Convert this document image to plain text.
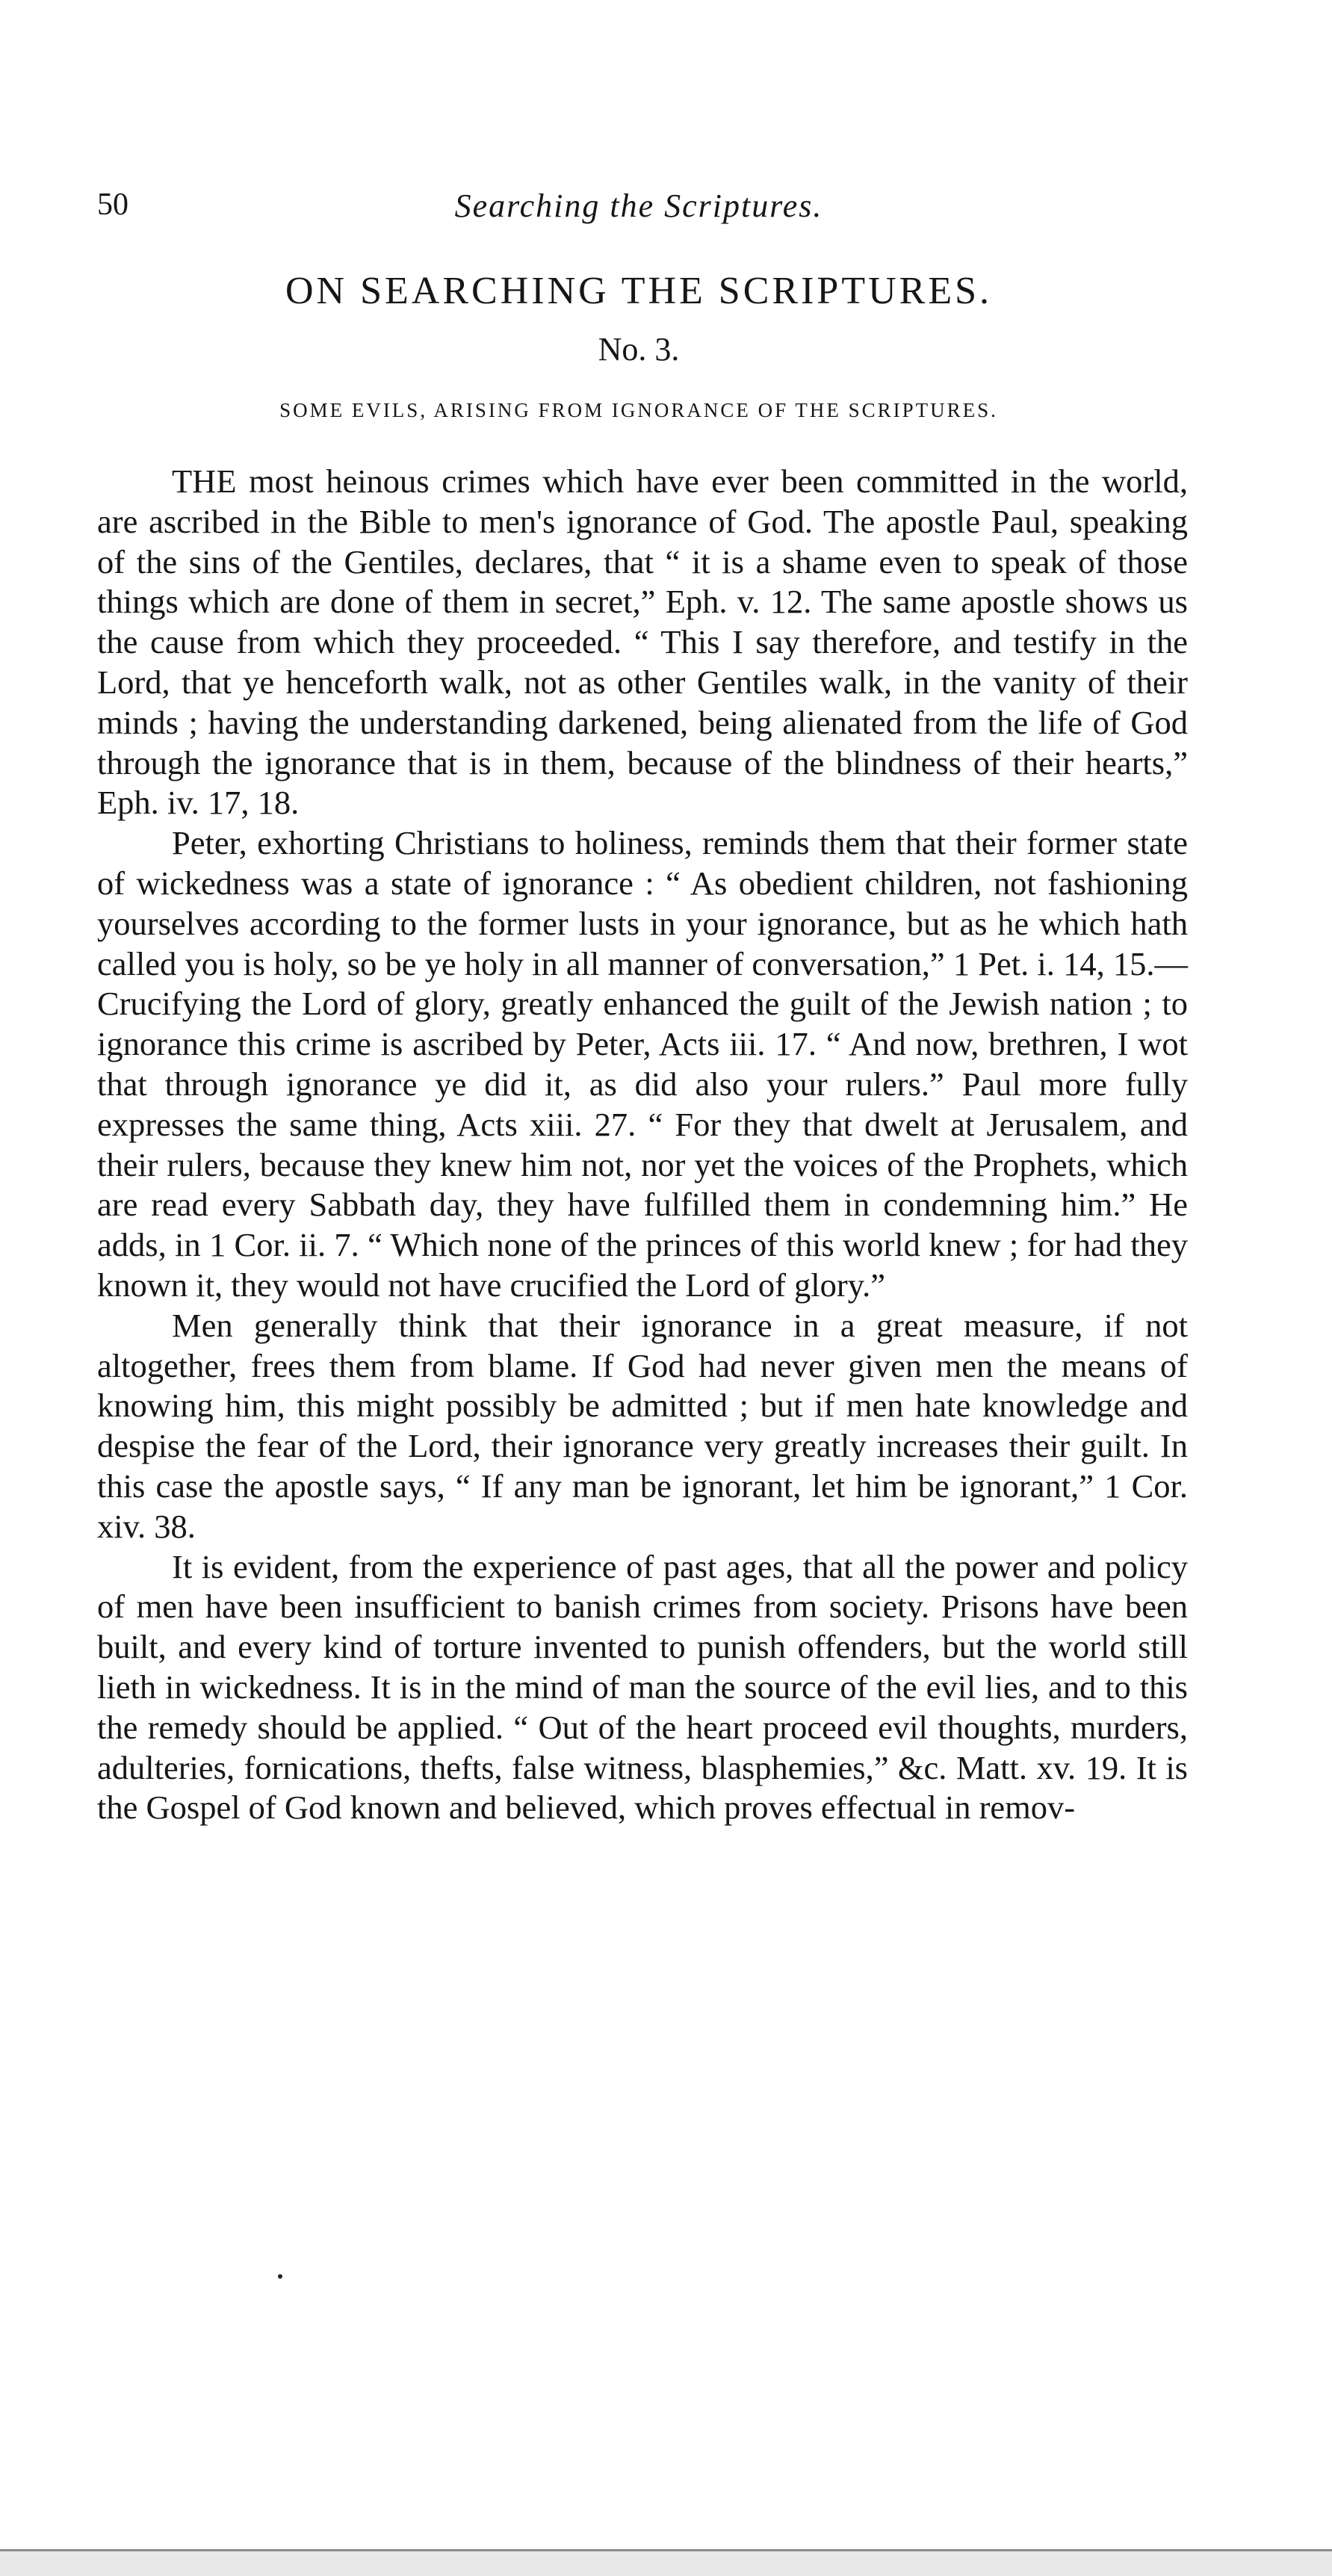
50	Searching the Scriptures.
ON SEARCHING THE SCRIPTURES.
No. 3.
SOME EVILS, ARISING FROM IGNORANCE OF THE SCRIPTURES.

THE most heinous crimes which have ever been committed in the world, are ascribed in the Bible to men's ignorance of God. The apostle Paul, speaking of the sins of the Gentiles, declares, that “ it is a shame even to speak of those things which are done of them in secret,” Eph. v. 12. The same apostle shows us the cause from which they proceeded. “ This I say therefore, and testify in the Lord, that ye henceforth walk, not as other Gentiles walk, in the vanity of their minds ; having the understanding darkened, being alienated from the life of God through the ignorance that is in them, because of the blindness of their hearts,” Eph. iv. 17, 18.

Peter, exhorting Christians to holiness, reminds them that their former state of wickedness was a state of ignorance : “ As obedient children, not fashioning yourselves according to the former lusts in your ignorance, but as he which hath called you is holy, so be ye holy in all manner of conversation,” 1 Pet. i. 14, 15.—Crucifying the Lord of glory, greatly enhanced the guilt of the Jewish nation ; to ignorance this crime is ascribed by Peter, Acts iii. 17. “ And now, brethren, I wot that through ignorance ye did it, as did also your rulers.” Paul more fully expresses the same thing, Acts xiii. 27. “ For they that dwelt at Jerusalem, and their rulers, because they knew him not, nor yet the voices of the Prophets, which are read every Sabbath day, they have fulfilled them in condemning him.” He adds, in 1 Cor. ii. 7. “ Which none of the princes of this world knew ; for had they known it, they would not have crucified the Lord of glory.”

Men generally think that their ignorance in a great measure, if not altogether, frees them from blame. If God had never given men the means of knowing him, this might possibly be admitted ; but if men hate knowledge and despise the fear of the Lord, their ignorance very greatly increases their guilt. In this case the apostle says, “ If any man be ignorant, let him be ignorant,” 1 Cor. xiv. 38.

It is evident, from the experience of past ages, that all the power and policy of men have been insufficient to banish crimes from society. Prisons have been built, and every kind of torture invented to punish offenders, but the world still lieth in wickedness. It is in the mind of man the source of the evil lies, and to this the remedy should be applied. “ Out of the heart proceed evil thoughts, murders, adulteries, fornications, thefts, false witness, blasphemies,” &c. Matt. xv. 19. It is the Gospel of God known and believed, which proves effectual in remov-
